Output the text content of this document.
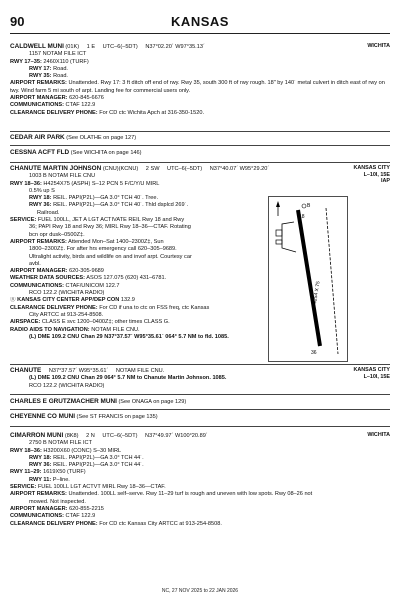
90	KANSAS
CALDWELL MUNI (01K) 1 E UTC–6(–5DT) N37°02.20´ W97°35.13´	WICHITA
1157 NOTAM FILE ICT
RWY 17–35: 2460X110 (TURF)
RWY 17: Road.
RWY 35: Road.
AIRPORT REMARKS: Unattended. Rwy 17: 3 ft ditch off end of rwy. Rwy 35, south 300 ft of rwy rough. 18" by 140´ metal culvert in ditch east of rwy on twy. Wind farm 5 mi south of arpt. Landing fee for commercial users only.
AIRPORT MANAGER: 620-845-6676
COMMUNICATIONS: CTAF 122.9
CLEARANCE DELIVERY PHONE: For CD ctc Wichita Apch at 316-350-1520.
CEDAR AIR PARK (See OLATHE on page 127)
CESSNA ACFT FLD (See WICHITA on page 146)
CHANUTE MARTIN JOHNSON (CNU)(KCNU) 2 SW UTC–6(–5DT) N37°40.07´ W95°29.20´	KANSAS CITY
L–10I, 15E
IAP
1003 B NOTAM FILE CNU
RWY 18–36: H4254X75 (ASPH) S–12 PCN 5 F/C/Y/U MIRL
0.5% up S
RWY 18: REIL. PAPI(P2L)—GA 3.0° TCH 40´. Tree.
RWY 36: REIL. PAPI(P2L)—GA 3.0° TCH 40´. Thld dsplcd 269´.
Railroad.
SERVICE: FUEL 100LL, JET A LGT ACTIVATE REIL Rwy 18 and Rwy
36; PAPI Rwy 18 and Rwy 36; MIRL Rwy 18–36—CTAF. Rotating
bcn opr dusk–0500Z‡.
AIRPORT REMARKS: Attended Mon–Sat 1400–2300Z‡, Sun
1800–2300Z‡. For after hrs emergency call 620–305–9689.
Ultralight activity, birds and wildlife on and invof arpt. Courtesy car
avbl.
AIRPORT MANAGER: 620-305-9689
WEATHER DATA SOURCES: ASOS 127.075 (620) 431–6781.
COMMUNICATIONS: CTAF/UNICOM 122.7
RCO 122.2 (WICHITA RADIO)
Ⓡ KANSAS CITY CENTER APP/DEP CON 132.9
CLEARANCE DELIVERY PHONE: For CD if una to ctc on FSS freq, ctc Kansas
City ARTCC at 913-254-8508.
AIRSPACE: CLASS E svc 1200–0400Z‡; other times CLASS G.
RADIO AIDS TO NAVIGATION: NOTAM FILE CNU.
(L) DME 109.2 CNU Chan 29 N37°37.57´ W95°35.61´ 064° 5.7 NM to fld. 1085.
18
36
B
4254 X 75
CHANUTE N37°37.57´ W95°35.61´ NOTAM FILE CNU.	KANSAS CITY
L–10I, 15E
(L) DME 109.2 CNU Chan 29 064° 5.7 NM to Chanute Martin Johnson. 1085.
RCO 122.2 (WICHITA RADIO)
CHARLES E GRUTZMACHER MUNI (See ONAGA on page 129)
CHEYENNE CO MUNI (See ST FRANCIS on page 135)
CIMARRON MUNI (8K8) 2 N UTC–6(–5DT) N37°49.97´ W100°20.89´	WICHITA
2750 B NOTAM FILE ICT
RWY 18–36: H3200X60 (CONC) S–30 MIRL
RWY 18: REIL. PAPI(P2L)—GA 3.0° TCH 44´.
RWY 36: REIL. PAPI(P2L)—GA 3.0° TCH 44´.
RWY 11–29: 1619X50 (TURF)
RWY 11: P–line.
SERVICE: FUEL 100LL LGT ACTVT MIRL Rwy 18–36—CTAF.
AIRPORT REMARKS: Unattended. 100LL self–serve. Rwy 11–29 turf is rough and uneven with low spots. Rwy 08–26 not
mowed. Not inspected.
AIRPORT MANAGER: 620-855-2215
COMMUNICATIONS: CTAF 122.9
CLEARANCE DELIVERY PHONE: For CD ctc Kansas City ARTCC at 913-254-8508.
NC, 27 NOV 2025 to 22 JAN 2026
